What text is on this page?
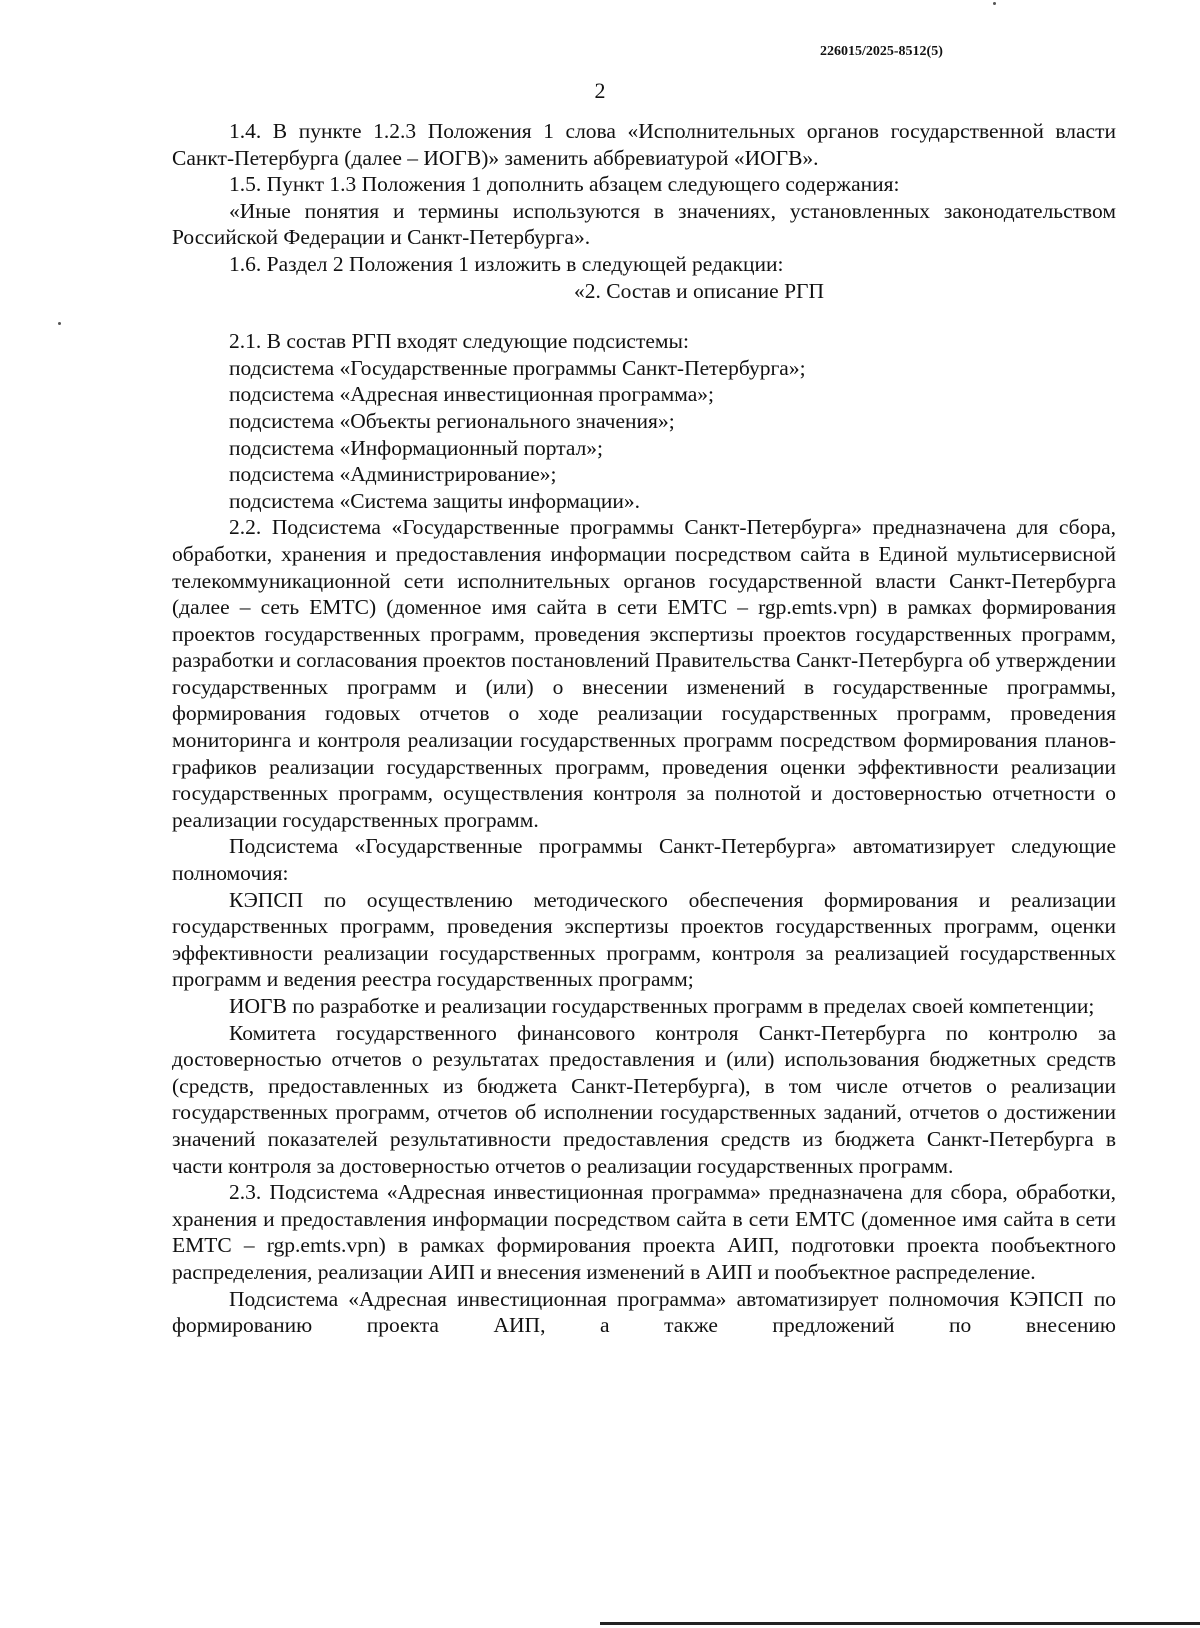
226015/2025-8512(5)
2

1.4. В пункте 1.2.3 Положения 1 слова «Исполнительных органов государственной власти Санкт-Петербурга (далее – ИОГВ)» заменить аббревиатурой «ИОГВ».

1.5. Пункт 1.3 Положения 1 дополнить абзацем следующего содержания:

«Иные понятия и термины используются в значениях, установленных законодательством Российской Федерации и Санкт-Петербурга».

1.6. Раздел 2 Положения 1 изложить в следующей редакции:

«2. Состав и описание РГП

2.1. В состав РГП входят следующие подсистемы:

подсистема «Государственные программы Санкт-Петербурга»;

подсистема «Адресная инвестиционная программа»;

подсистема «Объекты регионального значения»;

подсистема «Информационный портал»;

подсистема «Администрирование»;

подсистема «Система защиты информации».

2.2. Подсистема «Государственные программы Санкт-Петербурга» предназначена для сбора, обработки, хранения и предоставления информации посредством сайта в Единой мультисервисной телекоммуникационной сети исполнительных органов государственной власти Санкт-Петербурга (далее – сеть ЕМТС) (доменное имя сайта в сети ЕМТС – rgp.emts.vpn) в рамках формирования проектов государственных программ, проведения экспертизы проектов государственных программ, разработки и согласования проектов постановлений Правительства Санкт-Петербурга об утверждении государственных программ и (или) о внесении изменений в государственные программы, формирования годовых отчетов о ходе реализации государственных программ, проведения мониторинга и контроля реализации государственных программ посредством формирования планов-графиков реализации государственных программ, проведения оценки эффективности реализации государственных программ, осуществления контроля за полнотой и достоверностью отчетности о реализации государственных программ.

Подсистема «Государственные программы Санкт-Петербурга» автоматизирует следующие полномочия:

КЭПСП по осуществлению методического обеспечения формирования и реализации государственных программ, проведения экспертизы проектов государственных программ, оценки эффективности реализации государственных программ, контроля за реализацией государственных программ и ведения реестра государственных программ;

ИОГВ по разработке и реализации государственных программ в пределах своей компетенции;

Комитета государственного финансового контроля Санкт-Петербурга по контролю за достоверностью отчетов о результатах предоставления и (или) использования бюджетных средств (средств, предоставленных из бюджета Санкт-Петербурга), в том числе отчетов о реализации государственных программ, отчетов об исполнении государственных заданий, отчетов о достижении значений показателей результативности предоставления средств из бюджета Санкт-Петербурга в части контроля за достоверностью отчетов о реализации государственных программ.

2.3. Подсистема «Адресная инвестиционная программа» предназначена для сбора, обработки, хранения и предоставления информации посредством сайта в сети ЕМТС (доменное имя сайта в сети ЕМТС – rgp.emts.vpn) в рамках формирования проекта АИП, подготовки проекта пообъектного распределения, реализации АИП и внесения изменений в АИП и пообъектное распределение.

Подсистема «Адресная инвестиционная программа» автоматизирует полномочия КЭПСП по формированию проекта АИП, а также предложений по внесению
